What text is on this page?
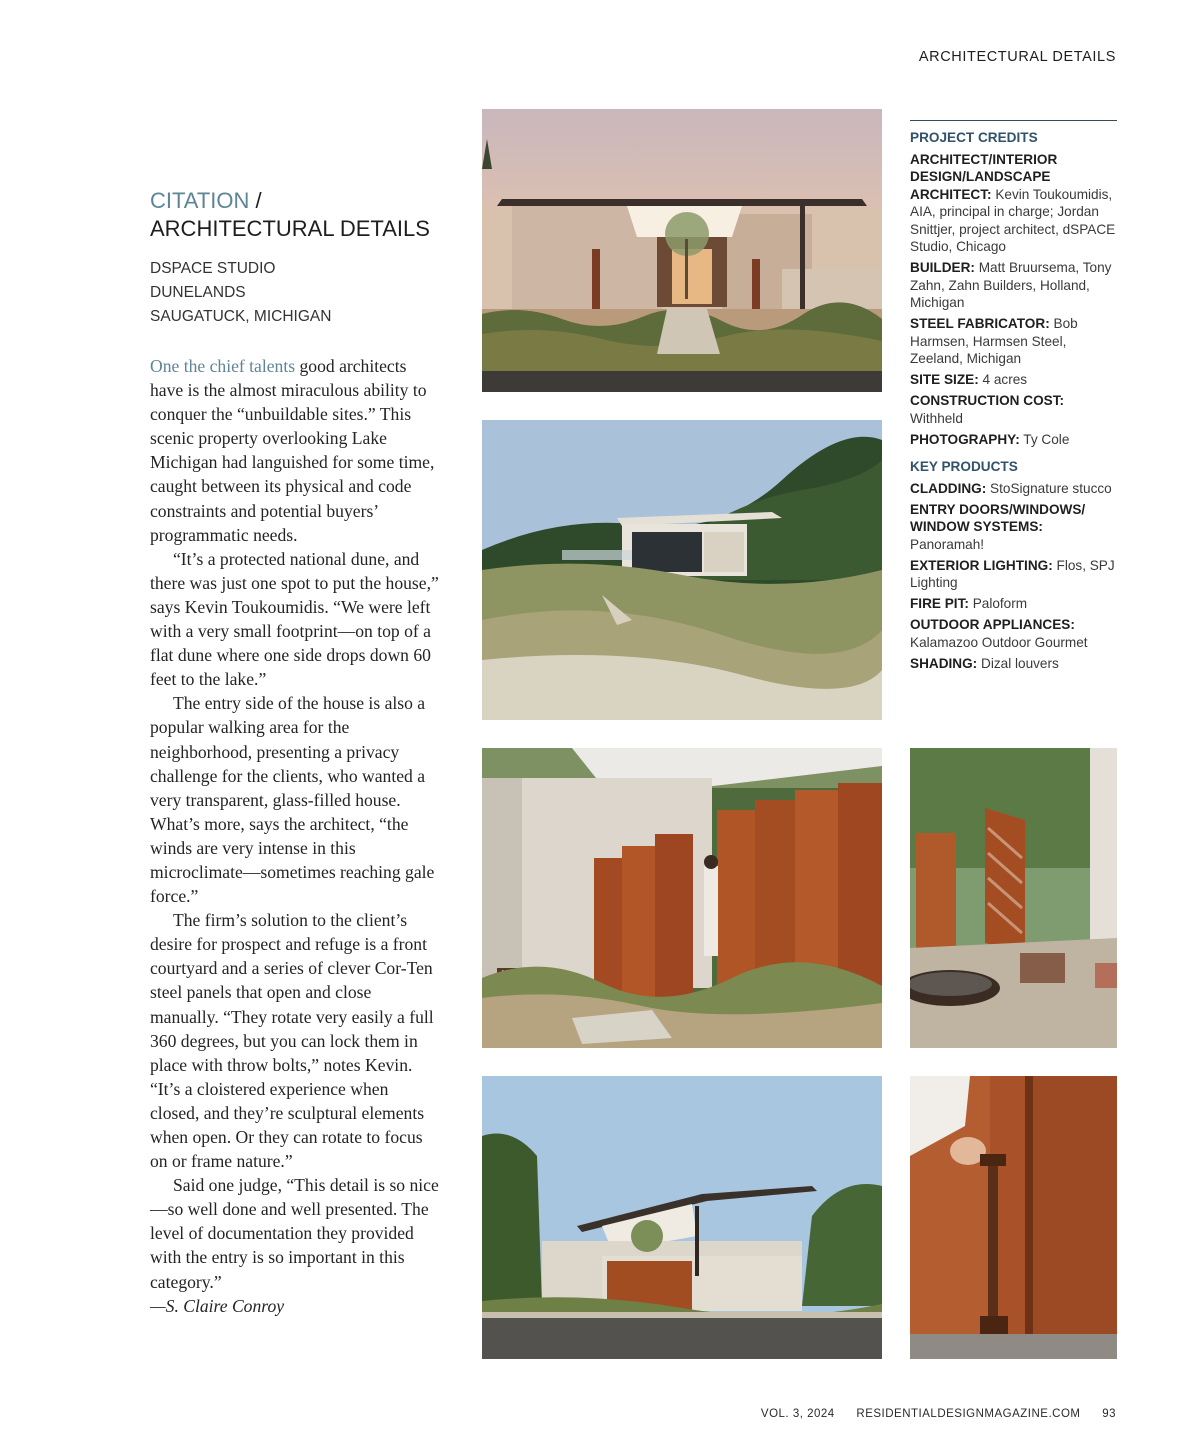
ARCHITECTURAL DETAILS
CITATION /
ARCHITECTURAL DETAILS
DSPACE STUDIO
DUNELANDS
SAUGATUCK, MICHIGAN

One the chief talents good architects have is the almost miraculous ability to conquer the “unbuildable sites.” This scenic property overlooking Lake Michigan had languished for some time, caught between its physical and code constraints and potential buyers’ programmatic needs.

“It’s a protected national dune, and there was just one spot to put the house,” says Kevin Toukoumidis. “We were left with a very small footprint—on top of a flat dune where one side drops down 60 feet to the lake.”

The entry side of the house is also a popular walking area for the neighborhood, presenting a privacy challenge for the clients, who wanted a very transparent, glass-filled house. What’s more, says the architect, “the winds are very intense in this microclimate—sometimes reaching gale force.”

The firm’s solution to the client’s desire for prospect and refuge is a front courtyard and a series of clever Cor-Ten steel panels that open and close manually. “They rotate very easily a full 360 degrees, but you can lock them in place with throw bolts,” notes Kevin. “It’s a cloistered experience when closed, and they’re sculptural elements when open. Or they can rotate to focus on or frame nature.”

Said one judge, “This detail is so nice—so well done and well presented. The level of documentation they provided with the entry is so important in this category.”

—S. Claire Conroy

PROJECT CREDITS
ARCHITECT/INTERIOR DESIGN/LANDSCAPE ARCHITECT: Kevin Toukoumidis, AIA, principal in charge; Jordan Snittjer, project architect, dSPACE Studio, Chicago
BUILDER: Matt Bruursema, Tony Zahn, Zahn Builders, Holland, Michigan
STEEL FABRICATOR: Bob Harmsen, Harmsen Steel, Zeeland, Michigan
SITE SIZE: 4 acres
CONSTRUCTION COST:
Withheld
PHOTOGRAPHY: Ty Cole
KEY PRODUCTS
CLADDING: StoSignature stucco
ENTRY DOORS/WINDOWS/ WINDOW SYSTEMS:
Panoramah!
EXTERIOR LIGHTING: Flos, SPJ Lighting
FIRE PIT: Paloform
OUTDOOR APPLIANCES:
Kalamazoo Outdoor Gourmet
SHADING: Dizal louvers
VOL. 3, 2024 RESIDENTIALDESIGNMAGAZINE.COM 93
